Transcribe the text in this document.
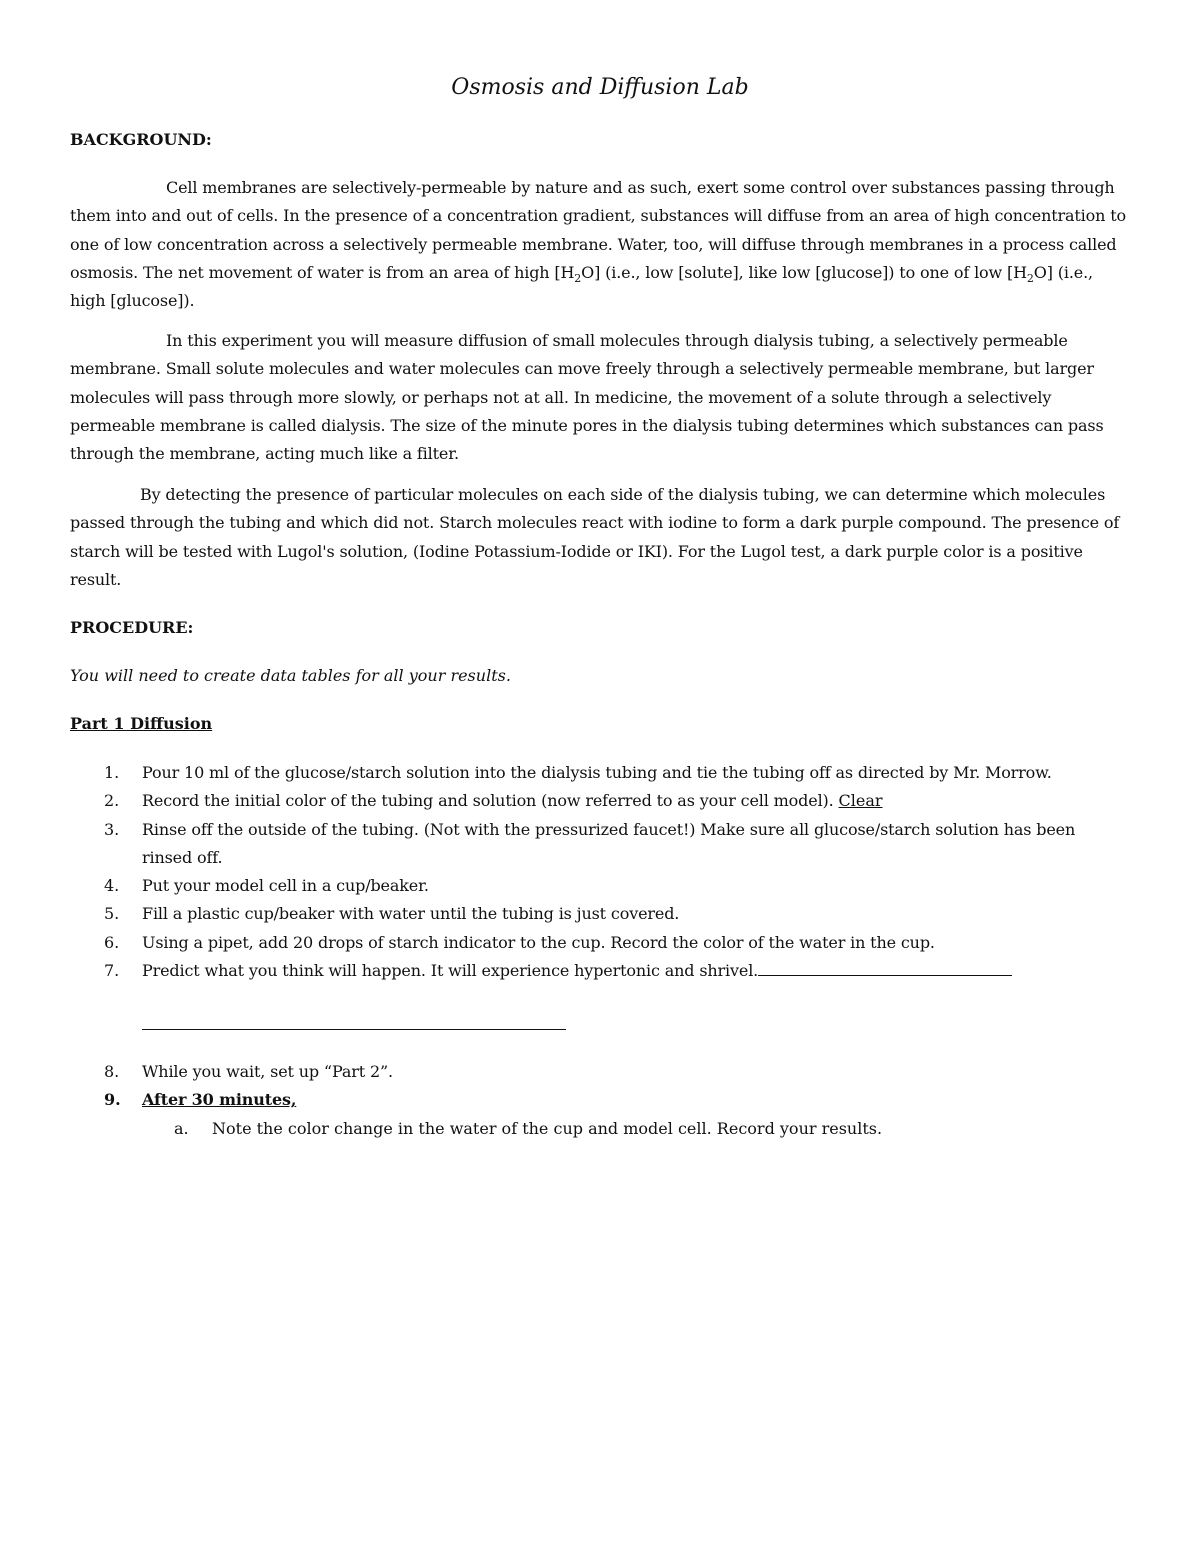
Osmosis and Diffusion Lab

BACKGROUND:

Cell membranes are selectively-permeable by nature and as such, exert some control over substances passing through them into and out of cells. In the presence of a concentration gradient, substances will diffuse from an area of high concentration to one of low concentration across a selectively permeable membrane. Water, too, will diffuse through membranes in a process called osmosis. The net movement of water is from an area of high $[H_2O]$ (i.e., low [solute], like low [glucose]) to one of low $[H_2O]$ (i.e., high [glucose]).

In this experiment you will measure diffusion of small molecules through dialysis tubing, a selectively permeable membrane. Small solute molecules and water molecules can move freely through a selectively permeable membrane, but larger molecules will pass through more slowly, or perhaps not at all. In medicine, the movement of a solute through a selectively permeable membrane is called dialysis. The size of the minute pores in the dialysis tubing determines which substances can pass through the membrane, acting much like a filter.

By detecting the presence of particular molecules on each side of the dialysis tubing, we can determine which molecules passed through the tubing and which did not. Starch molecules react with iodine to form a dark purple compound. The presence of starch will be tested with Lugol's solution, (Iodine Potassium-Iodide or IKI). For the Lugol test, a dark purple color is a positive result.

PROCEDURE:

You will need to create data tables for all your results.

Part 1 Diffusion

1.	Pour 10 ml of the glucose/starch solution into the dialysis tubing and tie the tubing off as directed by Mr. Morrow.
2.	Record the initial color of the tubing and solution (now referred to as your cell model). Clear
3.	Rinse off the outside of the tubing. (Not with the pressurized faucet!) Make sure all glucose/starch solution has been rinsed off.
4.	Put your model cell in a cup/beaker.
5.	Fill a plastic cup/beaker with water until the tubing is just covered.
6.	Using a pipet, add 20 drops of starch indicator to the cup. Record the color of the water in the cup.
7.	Predict what you think will happen. It will experience hypertonic and shrivel.
8.	While you wait, set up “Part 2”.
9.	After 30 minutes,
a.	Note the color change in the water of the cup and model cell. Record your results.
